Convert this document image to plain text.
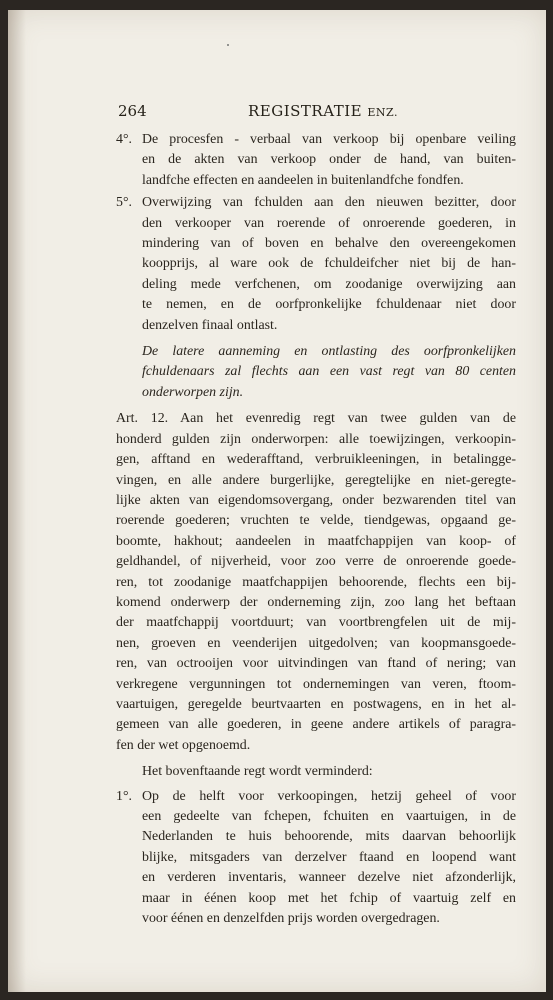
264	REGISTRATIE ENZ.
4°. De procesfen - verbaal van verkoop bij openbare veiling
en de akten van verkoop onder de hand, van buiten-
landfche effecten en aandeelen in buitenlandfche fondfen.
5°. Overwijzing van fchulden aan den nieuwen bezitter, door
den verkooper van roerende of onroerende goederen, in
mindering van of boven en behalve den overeengekomen
koopprijs, al ware ook de fchuldeifcher niet bij de han-
deling mede verfchenen, om zoodanige overwijzing aan
te nemen, en de oorfpronkelijke fchuldenaar niet door
denzelven finaal ontlast.
De latere aanneming en ontlasting des oorfpronkelijken
fchuldenaars zal flechts aan een vast regt van 80 centen
onderworpen zijn.
Art. 12. Aan het evenredig regt van twee gulden van de
honderd gulden zijn onderworpen: alle toewijzingen, verkoopin-
gen, afftand en wederafftand, verbruikleeningen, in betalingge-
vingen, en alle andere burgerlijke, geregtelijke en niet-geregte-
lijke akten van eigendomsovergang, onder bezwarenden titel van
roerende goederen; vruchten te velde, tiendgewas, opgaand ge-
boomte, hakhout; aandeelen in maatfchappijen van koop- of
geldhandel, of nijverheid, voor zoo verre de onroerende goede-
ren, tot zoodanige maatfchappijen behoorende, flechts een bij-
komend onderwerp der onderneming zijn, zoo lang het beftaan
der maatfchappij voortduurt; van voortbrengfelen uit de mij-
nen, groeven en veenderijen uitgedolven; van koopmansgoede-
ren, van octrooijen voor uitvindingen van ftand of nering; van
verkregene vergunningen tot ondernemingen van veren, ftoom-
vaartuigen, geregelde beurtvaarten en postwagens, en in het al-
gemeen van alle goederen, in geene andere artikels of paragra-
fen der wet opgenoemd.
Het bovenftaande regt wordt verminderd:
1°. Op de helft voor verkoopingen, hetzij geheel of voor
een gedeelte van fchepen, fchuiten en vaartuigen, in de
Nederlanden te huis behoorende, mits daarvan behoorlijk
blijke, mitsgaders van derzelver ftaand en loopend want
en verderen inventaris, wanneer dezelve niet afzonderlijk,
maar in éénen koop met het fchip of vaartuig zelf en
voor éénen en denzelfden prijs worden overgedragen.
